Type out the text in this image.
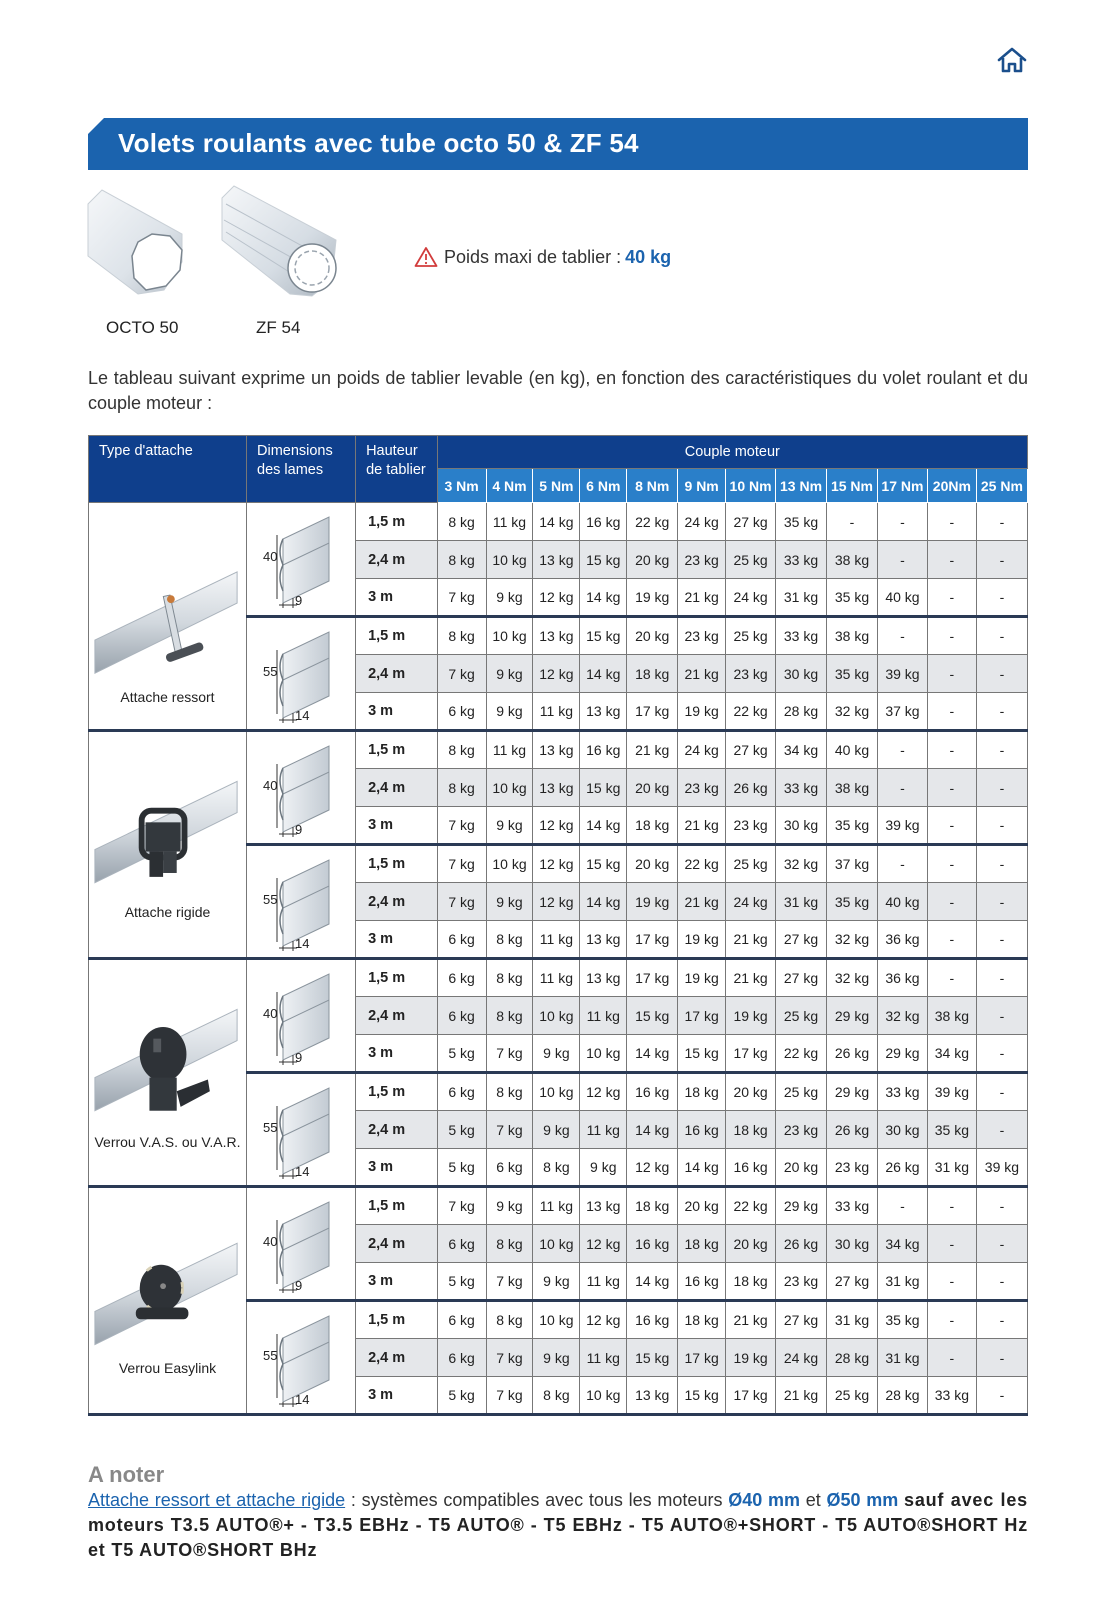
Volets roulants avec tube octo 50 & ZF 54
OCTO 50	ZF 54
Poids maxi de tablier : 40 kg

Le tableau suivant exprime un poids de tablier levable (en kg), en fonction des caractéristiques du volet roulant et du couple moteur :

Type d'attache	Dimensions des lames	Hauteur de tablier	Couple moteur											
			3 Nm	4 Nm	5 Nm	6 Nm	8 Nm	9 Nm	10 Nm	13 Nm	15 Nm	17 Nm	20Nm	25 Nm

Attache ressort	40
9	1,5 m	8 kg	11 kg	14 kg	16 kg	22 kg	24 kg	27 kg	35 kg	-	-	-	-
		2,4 m	8 kg	10 kg	13 kg	15 kg	20 kg	23 kg	25 kg	33 kg	38 kg	-	-	-
		3 m	7 kg	9 kg	12 kg	14 kg	19 kg	21 kg	24 kg	31 kg	35 kg	40 kg	-	-

55
14	1,5 m	8 kg	10 kg	13 kg	15 kg	20 kg	23 kg	25 kg	33 kg	38 kg	-	-	-
		2,4 m	7 kg	9 kg	12 kg	14 kg	18 kg	21 kg	23 kg	30 kg	35 kg	39 kg	-	-
		3 m	6 kg	9 kg	11 kg	13 kg	17 kg	19 kg	22 kg	28 kg	32 kg	37 kg	-	-

Attache rigide	40
9	1,5 m	8 kg	11 kg	13 kg	16 kg	21 kg	24 kg	27 kg	34 kg	40 kg	-	-	-
		2,4 m	8 kg	10 kg	13 kg	15 kg	20 kg	23 kg	26 kg	33 kg	38 kg	-	-	-
		3 m	7 kg	9 kg	12 kg	14 kg	18 kg	21 kg	23 kg	30 kg	35 kg	39 kg	-	-

55
14	1,5 m	7 kg	10 kg	12 kg	15 kg	20 kg	22 kg	25 kg	32 kg	37 kg	-	-	-
		2,4 m	7 kg	9 kg	12 kg	14 kg	19 kg	21 kg	24 kg	31 kg	35 kg	40 kg	-	-
		3 m	6 kg	8 kg	11 kg	13 kg	17 kg	19 kg	21 kg	27 kg	32 kg	36 kg	-	-

Verrou V.A.S. ou V.A.R.	40
9	1,5 m	6 kg	8 kg	11 kg	13 kg	17 kg	19 kg	21 kg	27 kg	32 kg	36 kg	-	-
		2,4 m	6 kg	8 kg	10 kg	11 kg	15 kg	17 kg	19 kg	25 kg	29 kg	32 kg	38 kg	-
		3 m	5 kg	7 kg	9 kg	10 kg	14 kg	15 kg	17 kg	22 kg	26 kg	29 kg	34 kg	-

55
14	1,5 m	6 kg	8 kg	10 kg	12 kg	16 kg	18 kg	20 kg	25 kg	29 kg	33 kg	39 kg	-
		2,4 m	5 kg	7 kg	9 kg	11 kg	14 kg	16 kg	18 kg	23 kg	26 kg	30 kg	35 kg	-
		3 m	5 kg	6 kg	8 kg	9 kg	12 kg	14 kg	16 kg	20 kg	23 kg	26 kg	31 kg	39 kg

Verrou Easylink	40
9	1,5 m	7 kg	9 kg	11 kg	13 kg	18 kg	20 kg	22 kg	29 kg	33 kg	-	-	-
		2,4 m	6 kg	8 kg	10 kg	12 kg	16 kg	18 kg	20 kg	26 kg	30 kg	34 kg	-	-
		3 m	5 kg	7 kg	9 kg	11 kg	14 kg	16 kg	18 kg	23 kg	27 kg	31 kg	-	-

55
14	1,5 m	6 kg	8 kg	10 kg	12 kg	16 kg	18 kg	21 kg	27 kg	31 kg	35 kg	-	-
		2,4 m	6 kg	7 kg	9 kg	11 kg	15 kg	17 kg	19 kg	24 kg	28 kg	31 kg	-	-
		3 m	5 kg	7 kg	8 kg	10 kg	13 kg	15 kg	17 kg	21 kg	25 kg	28 kg	33 kg	-
A noter

Attache ressort et attache rigide : systèmes compatibles avec tous les moteurs Ø40 mm et Ø50 mm sauf avec les moteurs T3.5 AUTO®+ - T3.5 EBHz - T5 AUTO® - T5 EBHz - T5 AUTO®+SHORT - T5 AUTO®SHORT Hz et T5 AUTO®SHORT BHz
